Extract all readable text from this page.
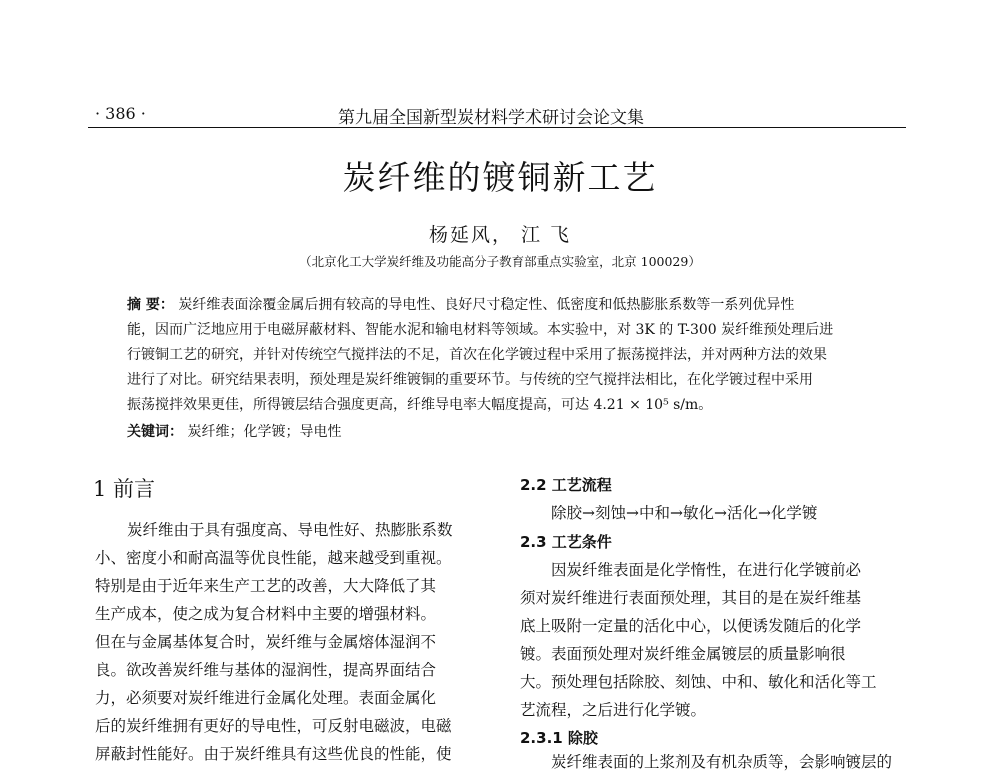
· 386 ·	第九届全国新型炭材料学术研讨会论文集
炭纤维的镀铜新工艺
杨延风， 江 飞
（北京化工大学炭纤维及功能高分子教育部重点实验室，北京 100029）
摘 要： 炭纤维表面涂覆金属后拥有较高的导电性、良好尺寸稳定性、低密度和低热膨胀系数等一系列优异性
能，因而广泛地应用于电磁屏蔽材料、智能水泥和输电材料等领域。本实验中，对 3K 的 T-300 炭纤维预处理后进
行镀铜工艺的研究，并针对传统空气搅拌法的不足，首次在化学镀过程中采用了振荡搅拌法，并对两种方法的效果
进行了对比。研究结果表明，预处理是炭纤维镀铜的重要环节。与传统的空气搅拌法相比，在化学镀过程中采用
振荡搅拌效果更佳，所得镀层结合强度更高，纤维导电率大幅度提高，可达 4.21 × 10⁵ s/m。
关键词： 炭纤维；化学镀；导电性
1 前言
炭纤维由于具有强度高、导电性好、热膨胀系数
小、密度小和耐高温等优良性能，越来越受到重视。
特别是由于近年来生产工艺的改善，大大降低了其
生产成本，使之成为复合材料中主要的增强材料。
但在与金属基体复合时，炭纤维与金属熔体湿润不
良。欲改善炭纤维与基体的湿润性，提高界面结合
力，必须要对炭纤维进行金属化处理。表面金属化
后的炭纤维拥有更好的导电性，可反射电磁波，电磁
屏蔽封性能好。由于炭纤维具有这些优良的性能，使
2.2 工艺流程
除胶→刻蚀→中和→敏化→活化→化学镀
2.3 工艺条件
因炭纤维表面是化学惰性，在进行化学镀前必
须对炭纤维进行表面预处理，其目的是在炭纤维基
底上吸附一定量的活化中心，以便诱发随后的化学
镀。表面预处理对炭纤维金属镀层的质量影响很
大。预处理包括除胶、刻蚀、中和、敏化和活化等工
艺流程，之后进行化学镀。
2.3.1 除胶
炭纤维表面的上浆剂及有机杂质等，会影响镀层的
